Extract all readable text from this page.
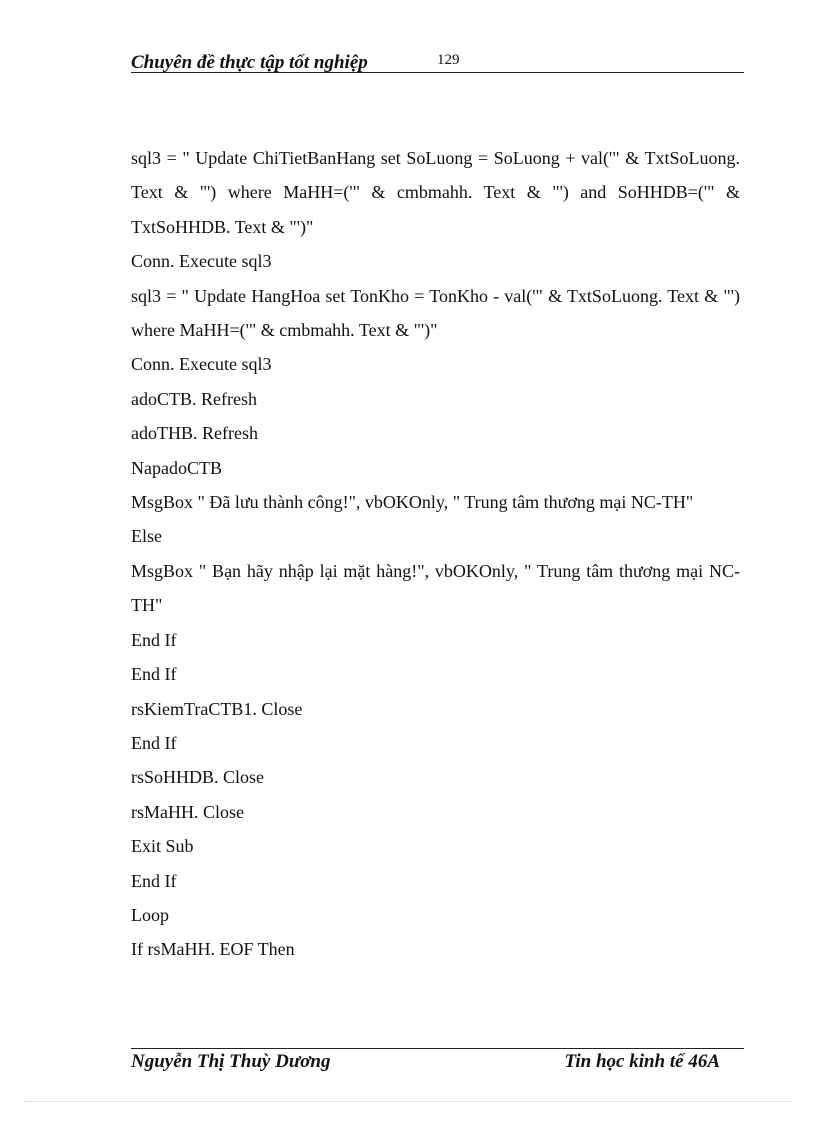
Chuyên đề thực tập tốt nghiệp	129

sql3 = " Update ChiTietBanHang set SoLuong = SoLuong + val('" & TxtSoLuong. Text & "') where MaHH=('" & cmbmahh. Text & "') and SoHHDB=('" & TxtSoHHDB. Text & "')"

Conn. Execute sql3

sql3 = " Update HangHoa set TonKho = TonKho - val('" & TxtSoLuong. Text & "') where MaHH=('" & cmbmahh. Text & "')"

Conn. Execute sql3

adoCTB. Refresh

adoTHB. Refresh

NapadoCTB

MsgBox " Đã lưu thành công!", vbOKOnly, " Trung tâm thương mại NC-TH"

Else

MsgBox " Bạn hãy nhập lại mặt hàng!", vbOKOnly, " Trung tâm thương mại NC-TH"

End If

End If

rsKiemTraCTB1. Close

End If

rsSoHHDB. Close

rsMaHH. Close

Exit Sub

End If

Loop

If rsMaHH. EOF Then

Nguyễn Thị Thuỳ Dương	Tin học kinh tế 46A
